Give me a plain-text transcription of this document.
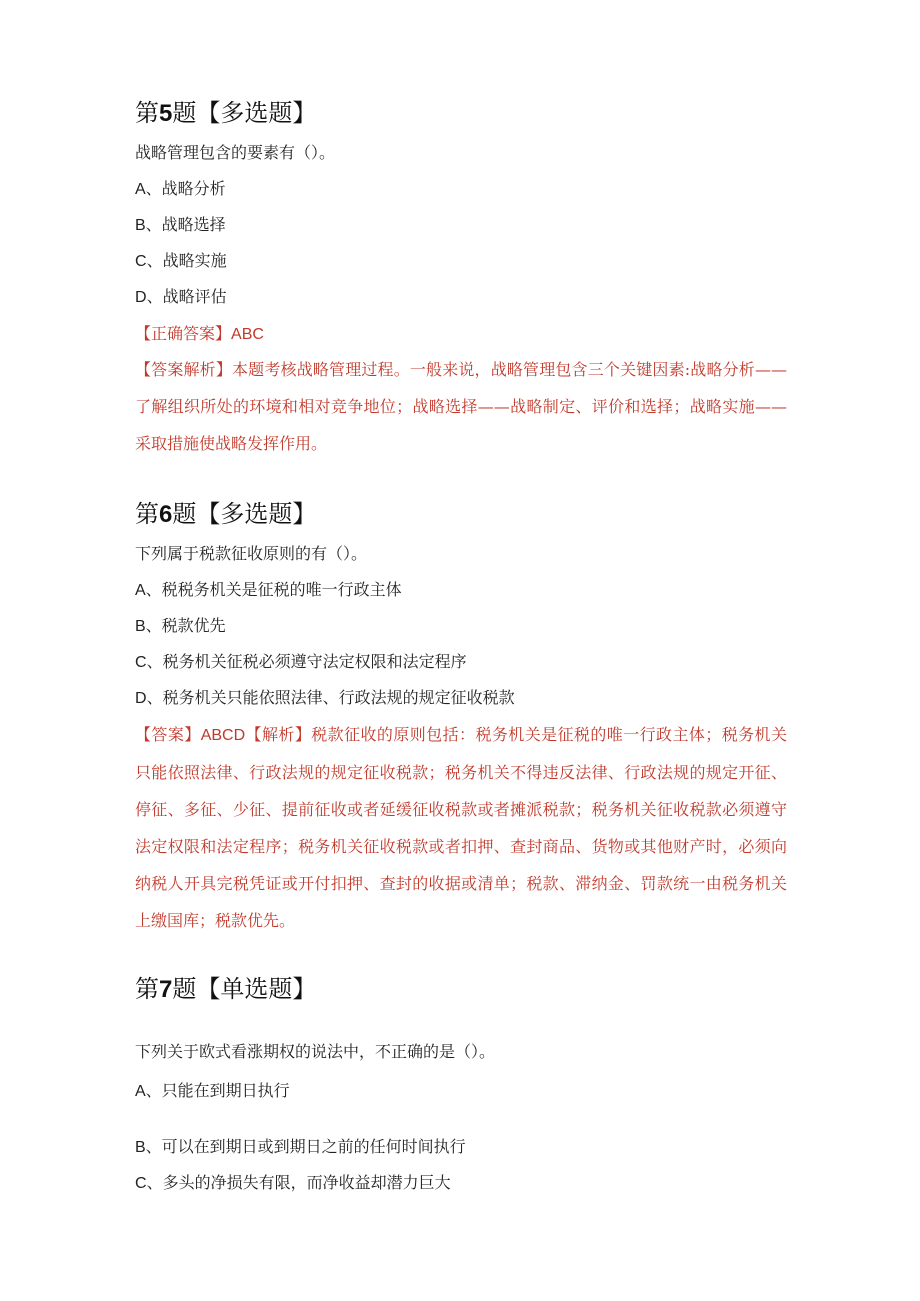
第5题【多选题】
战略管理包含的要素有（）。
A、战略分析
B、战略选择
C、战略实施
D、战略评估
【正确答案】ABC
【答案解析】本题考核战略管理过程。一般来说，战略管理包含三个关键因素:战略分析——了解组织所处的环境和相对竞争地位；战略选择——战略制定、评价和选择；战略实施——采取措施使战略发挥作用。
第6题【多选题】
下列属于税款征收原则的有（）。
A、税税务机关是征税的唯一行政主体
B、税款优先
C、税务机关征税必须遵守法定权限和法定程序
D、税务机关只能依照法律、行政法规的规定征收税款
【答案】ABCD【解析】税款征收的原则包括：税务机关是征税的唯一行政主体；税务机关只能依照法律、行政法规的规定征收税款；税务机关不得违反法律、行政法规的规定开征、停征、多征、少征、提前征收或者延缓征收税款或者摊派税款；税务机关征收税款必须遵守法定权限和法定程序；税务机关征收税款或者扣押、查封商品、货物或其他财产时，必须向纳税人开具完税凭证或开付扣押、查封的收据或清单；税款、滞纳金、罚款统一由税务机关上缴国库；税款优先。
第7题【单选题】
下列关于欧式看涨期权的说法中，不正确的是（）。
A、只能在到期日执行
B、可以在到期日或到期日之前的任何时间执行
C、多头的净损失有限，而净收益却潜力巨大
